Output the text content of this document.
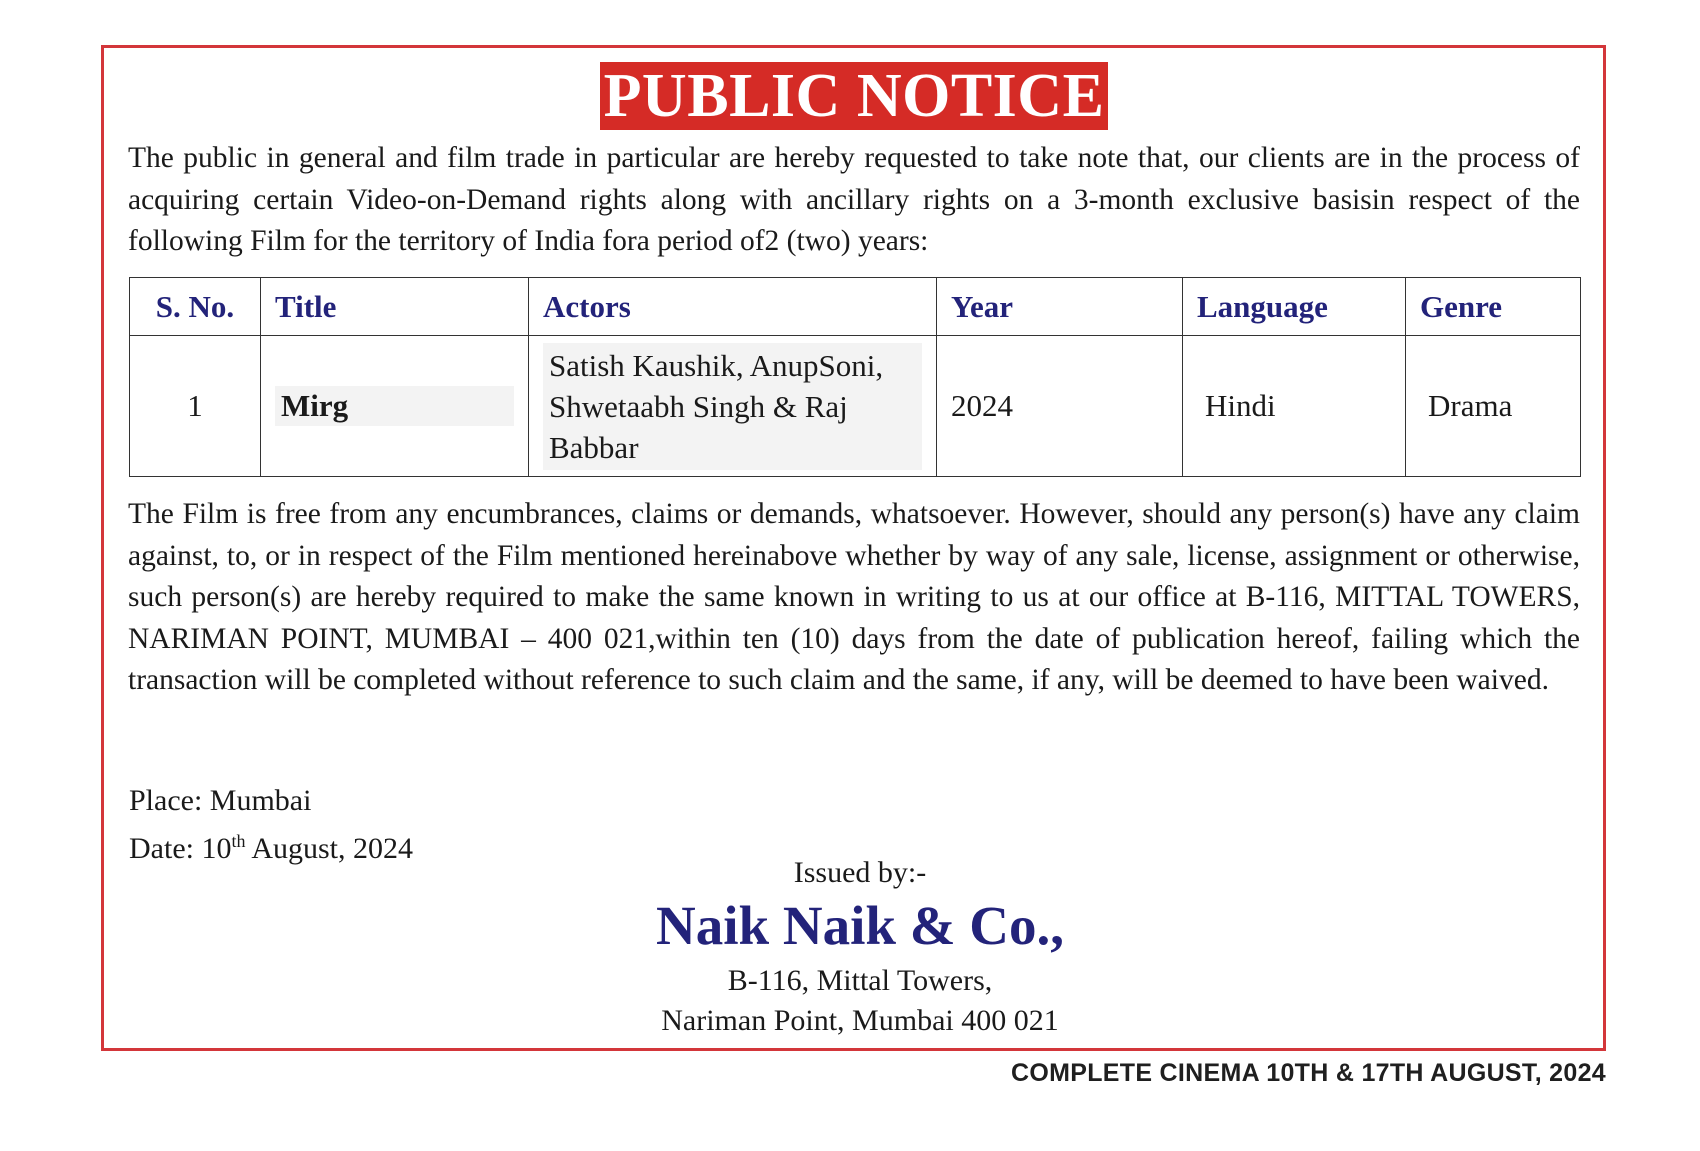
PUBLIC NOTICE

The public in general and film trade in particular are hereby requested to take note that, our clients are in the process of acquiring certain Video-on-Demand rights along with ancillary rights on a 3-month exclusive basisin respect of the following Film for the territory of India fora period of2 (two) years:

S. No.	Title	Actors	Year	Language	Genre
1	Mirg	Satish Kaushik, AnupSoni, Shwetaabh Singh & Raj Babbar	2024	Hindi	Drama

The Film is free from any encumbrances, claims or demands, whatsoever. However, should any person(s) have any claim against, to, or in respect of the Film mentioned hereinabove whether by way of any sale, license, assignment or otherwise, such person(s) are hereby required to make the same known in writing to us at our office at B-116, MITTAL TOWERS, NARIMAN POINT, MUMBAI – 400 021,within ten (10) days from the date of publication hereof, failing which the transaction will be completed without reference to such claim and the same, if any, will be deemed to have been waived.

Place: Mumbai
Date: 10th August, 2024
Issued by:-
Naik Naik & Co.,
B-116, Mittal Towers,
Nariman Point, Mumbai 400 021
COMPLETE CINEMA 10TH & 17TH AUGUST, 2024
